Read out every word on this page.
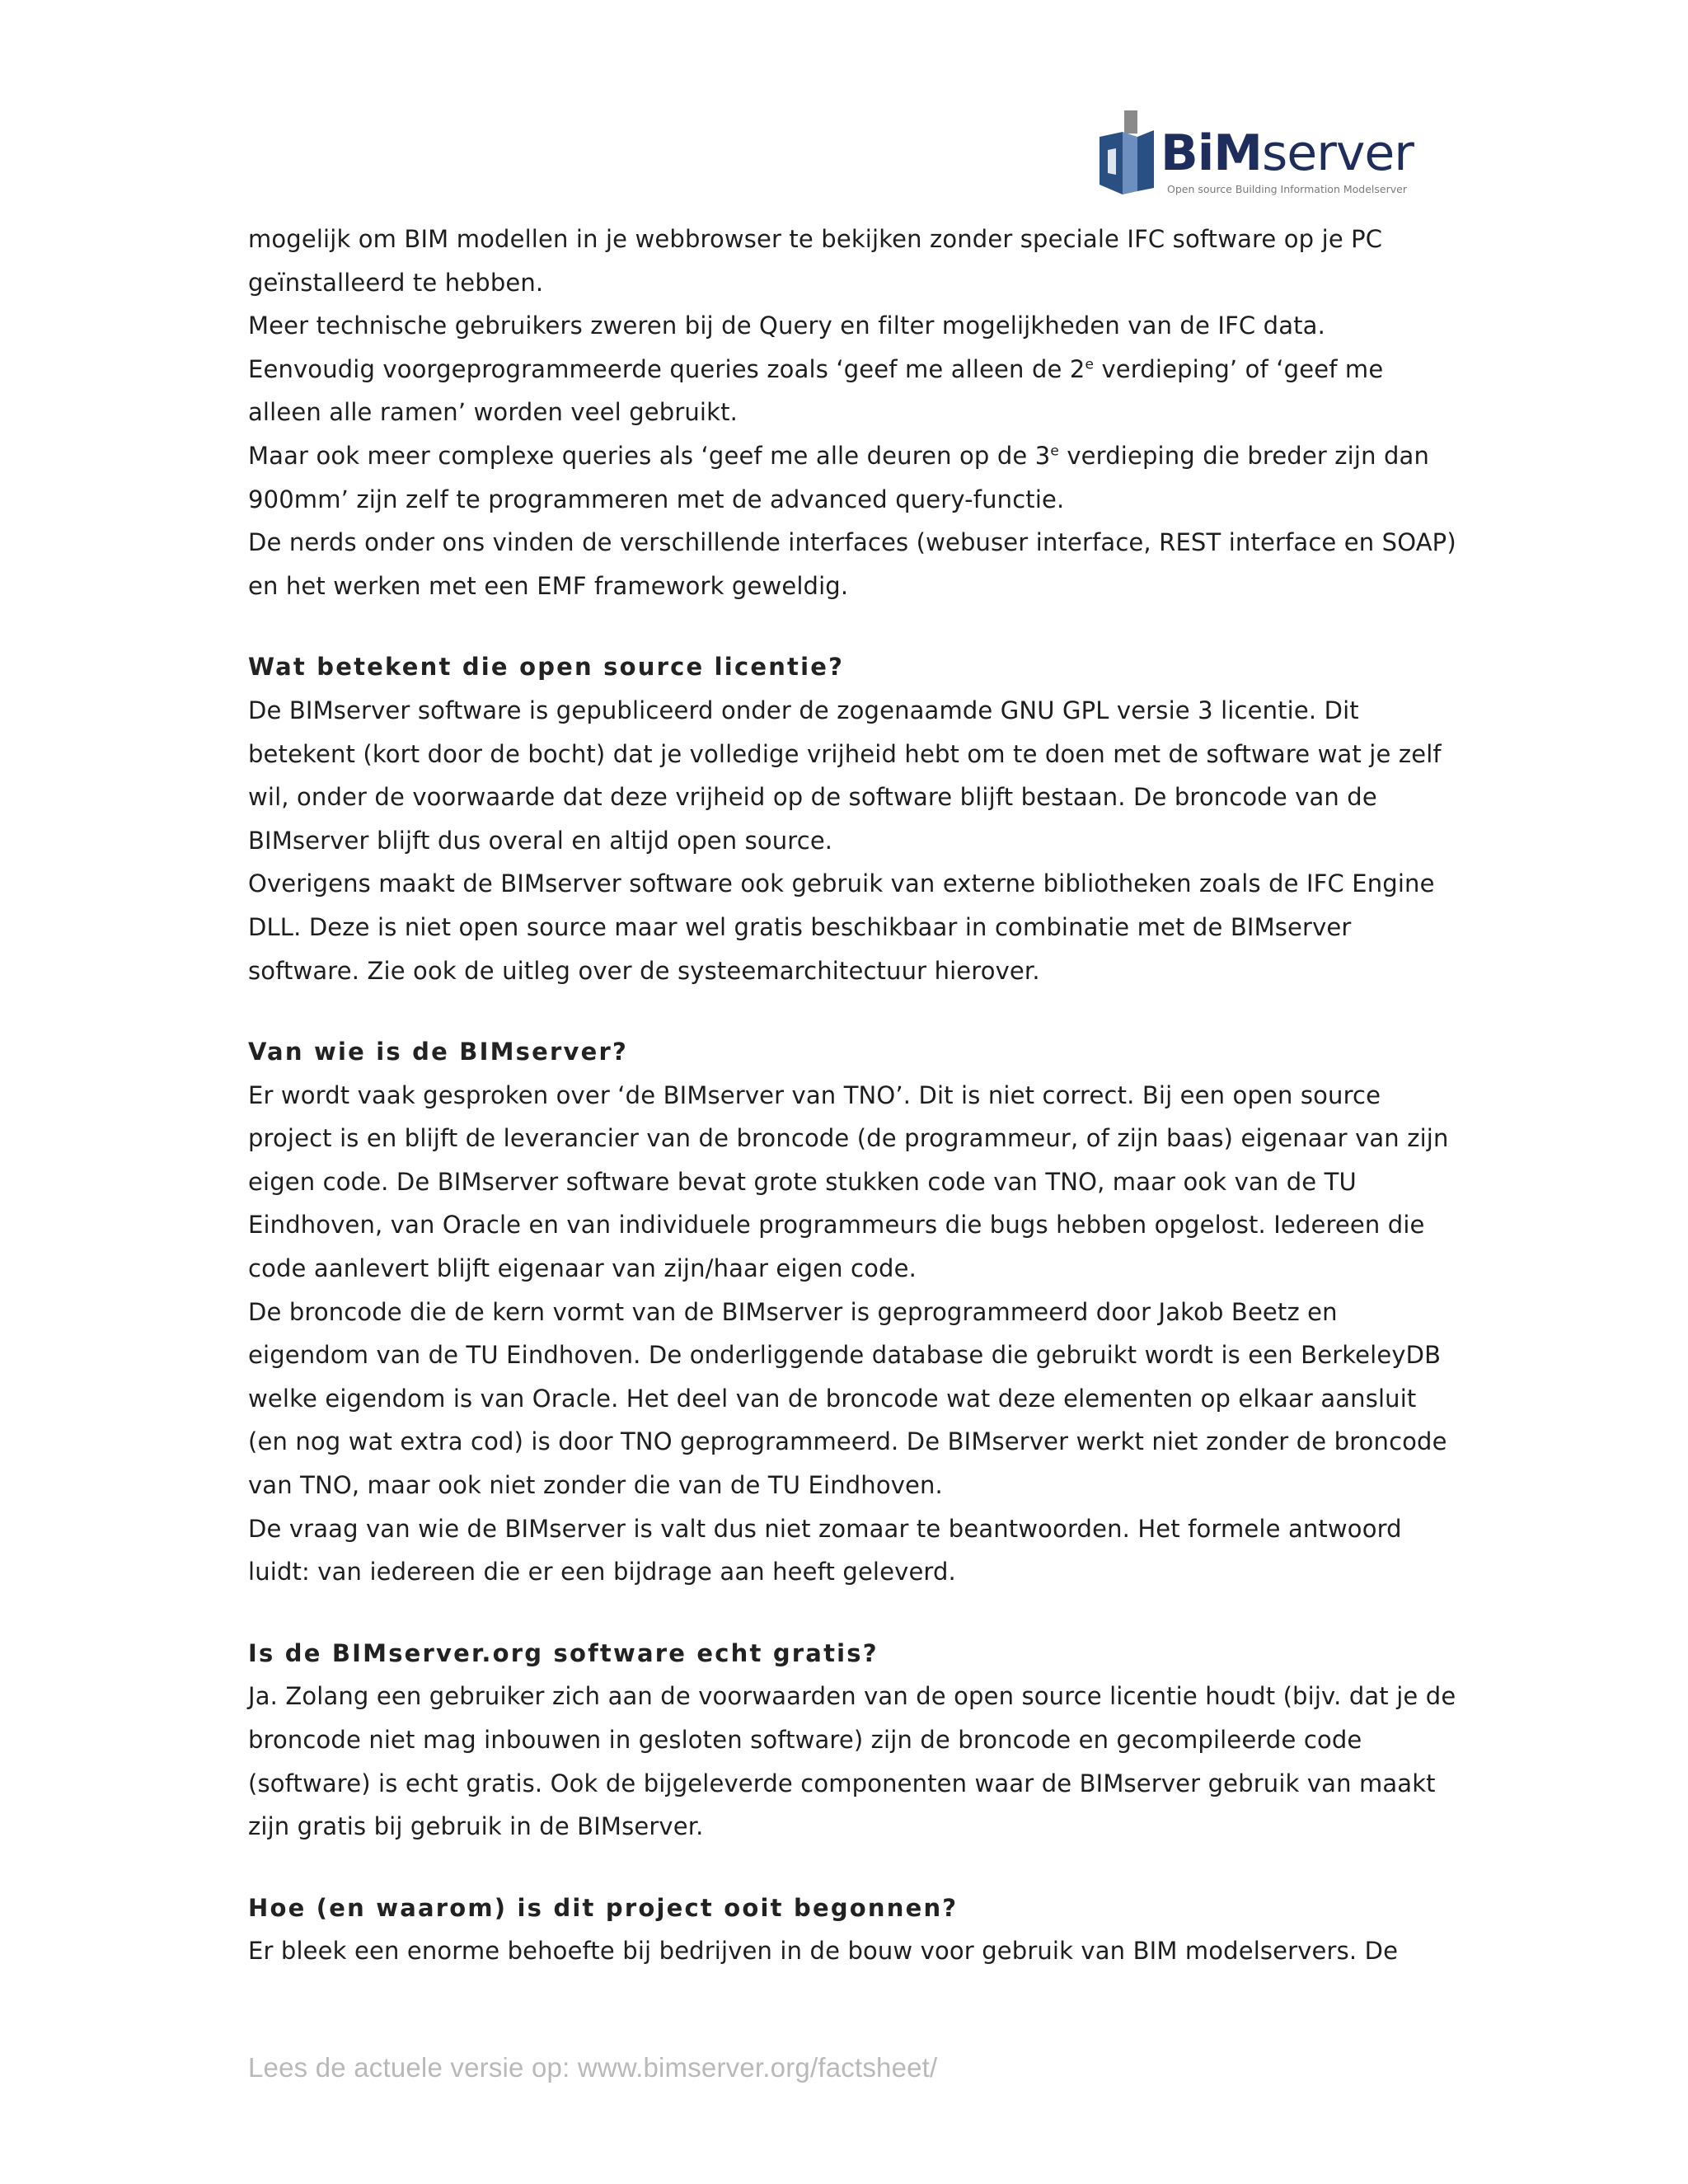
BiMserver
Open source Building Information Modelserver

mogelijk om BIM modellen in je webbrowser te bekijken zonder speciale IFC software op je PC geïnstalleerd te hebben.

Meer technische gebruikers zweren bij de Query en filter mogelijkheden van de IFC data.

Eenvoudig voorgeprogrammeerde queries zoals ‘geef me alleen de 2e verdieping’ of ‘geef me alleen alle ramen’ worden veel gebruikt.

Maar ook meer complexe queries als ‘geef me alle deuren op de 3e verdieping die breder zijn dan 900mm’ zijn zelf te programmeren met de advanced query-functie.

De nerds onder ons vinden de verschillende interfaces (webuser interface, REST interface en SOAP) en het werken met een EMF framework geweldig.

Wat betekent die open source licentie?

De BIMserver software is gepubliceerd onder de zogenaamde GNU GPL versie 3 licentie. Dit betekent (kort door de bocht) dat je volledige vrijheid hebt om te doen met de software wat je zelf wil, onder de voorwaarde dat deze vrijheid op de software blijft bestaan. De broncode van de BIMserver blijft dus overal en altijd open source.

Overigens maakt de BIMserver software ook gebruik van externe bibliotheken zoals de IFC Engine DLL. Deze is niet open source maar wel gratis beschikbaar in combinatie met de BIMserver software. Zie ook de uitleg over de systeemarchitectuur hierover.

Van wie is de BIMserver?

Er wordt vaak gesproken over ‘de BIMserver van TNO’. Dit is niet correct. Bij een open source project is en blijft de leverancier van de broncode (de programmeur, of zijn baas) eigenaar van zijn eigen code. De BIMserver software bevat grote stukken code van TNO, maar ook van de TU Eindhoven, van Oracle en van individuele programmeurs die bugs hebben opgelost. Iedereen die code aanlevert blijft eigenaar van zijn/haar eigen code.

De broncode die de kern vormt van de BIMserver is geprogrammeerd door Jakob Beetz en eigendom van de TU Eindhoven. De onderliggende database die gebruikt wordt is een BerkeleyDB welke eigendom is van Oracle. Het deel van de broncode wat deze elementen op elkaar aansluit (en nog wat extra cod) is door TNO geprogrammeerd. De BIMserver werkt niet zonder de broncode van TNO, maar ook niet zonder die van de TU Eindhoven.

De vraag van wie de BIMserver is valt dus niet zomaar te beantwoorden. Het formele antwoord luidt: van iedereen die er een bijdrage aan heeft geleverd.

Is de BIMserver.org software echt gratis?

Ja. Zolang een gebruiker zich aan de voorwaarden van de open source licentie houdt (bijv. dat je de broncode niet mag inbouwen in gesloten software) zijn de broncode en gecompileerde code (software) is echt gratis. Ook de bijgeleverde componenten waar de BIMserver gebruik van maakt zijn gratis bij gebruik in de BIMserver.

Hoe (en waarom) is dit project ooit begonnen?

Er bleek een enorme behoefte bij bedrijven in de bouw voor gebruik van BIM modelservers. De

Lees de actuele versie op: www.bimserver.org/factsheet/
